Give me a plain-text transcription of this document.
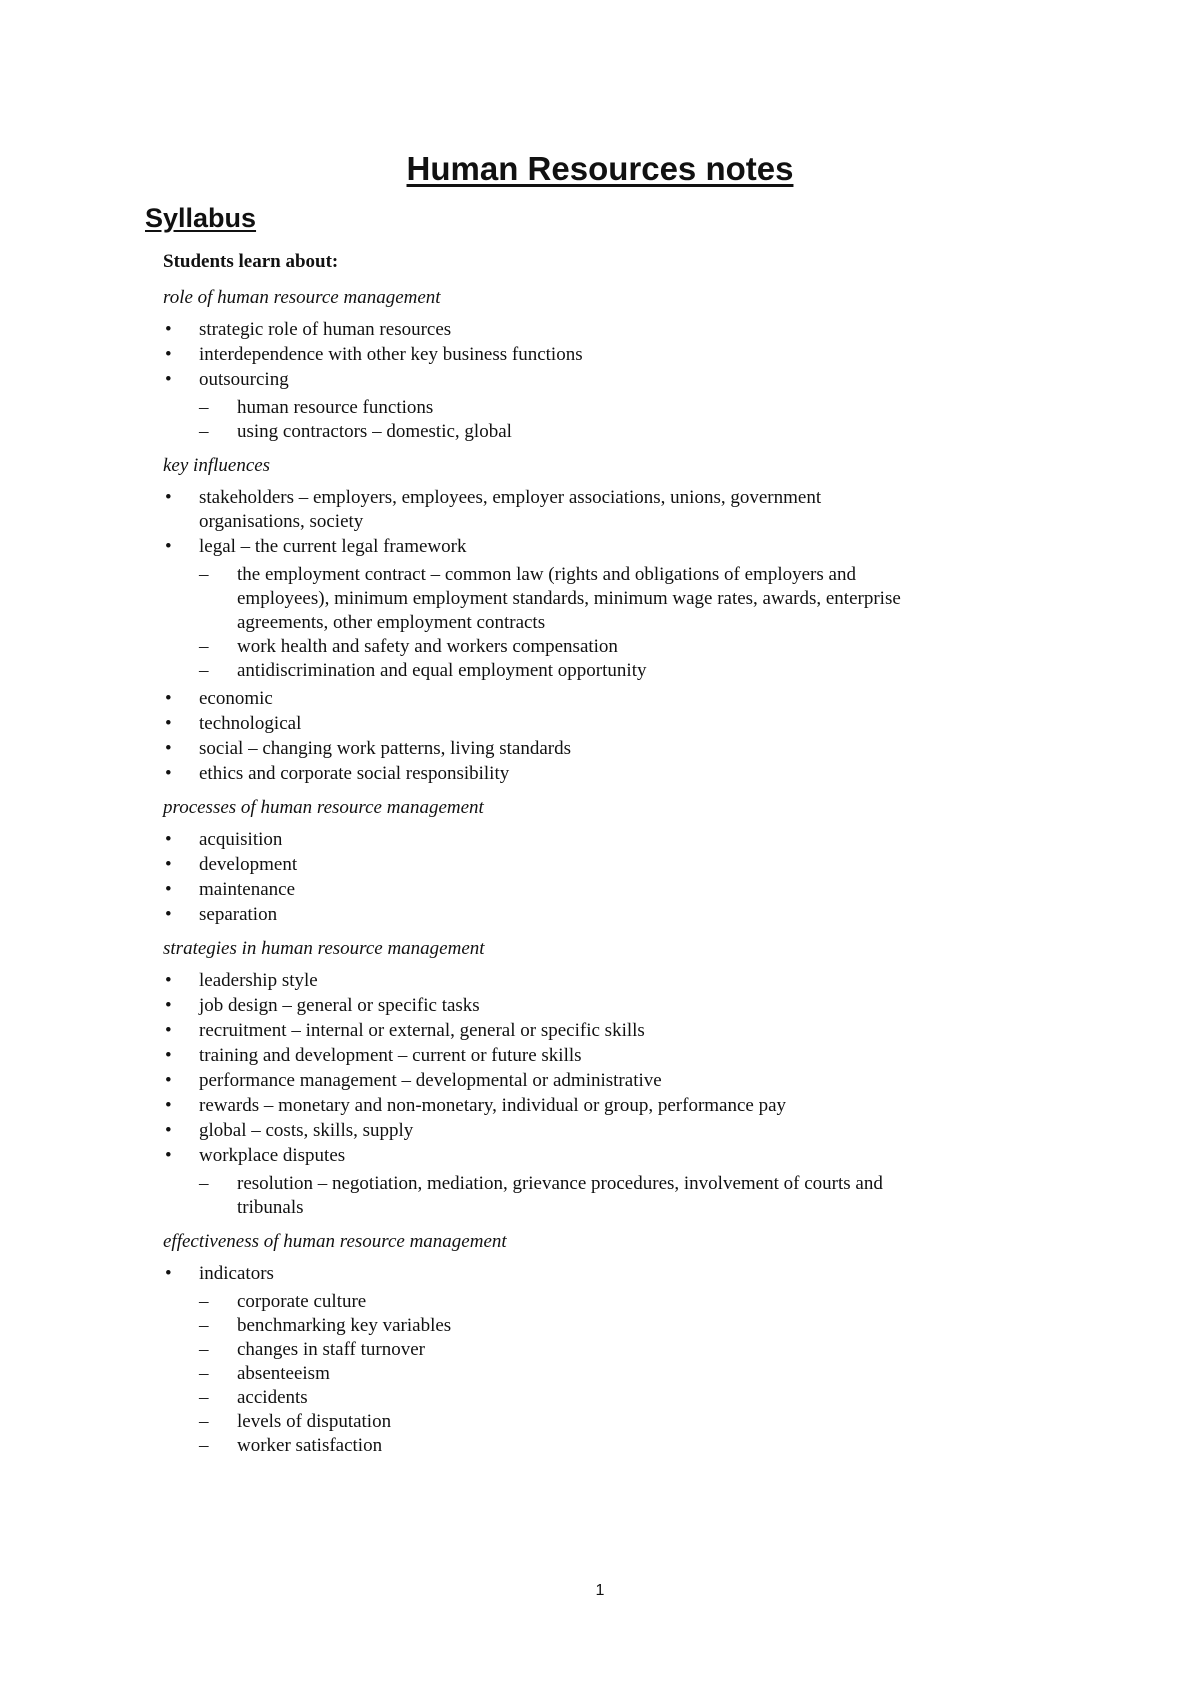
Human Resources notes
Syllabus

Students learn about:

role of human resource management

• strategic role of human resources
• interdependence with other key business functions
• outsourcing
– human resource functions
– using contractors – domestic, global

key influences

• stakeholders – employers, employees, employer associations, unions, government organisations, society
• legal – the current legal framework
– the employment contract – common law (rights and obligations of employers and employees), minimum employment standards, minimum wage rates, awards, enterprise agreements, other employment contracts
– work health and safety and workers compensation
– antidiscrimination and equal employment opportunity
• economic
• technological
• social – changing work patterns, living standards
• ethics and corporate social responsibility

processes of human resource management

• acquisition
• development
• maintenance
• separation

strategies in human resource management

• leadership style
• job design – general or specific tasks
• recruitment – internal or external, general or specific skills
• training and development – current or future skills
• performance management – developmental or administrative
• rewards – monetary and non-monetary, individual or group, performance pay
• global – costs, skills, supply
• workplace disputes
– resolution – negotiation, mediation, grievance procedures, involvement of courts and tribunals

effectiveness of human resource management

• indicators
– corporate culture
– benchmarking key variables
– changes in staff turnover
– absenteeism
– accidents
– levels of disputation
– worker satisfaction
1
